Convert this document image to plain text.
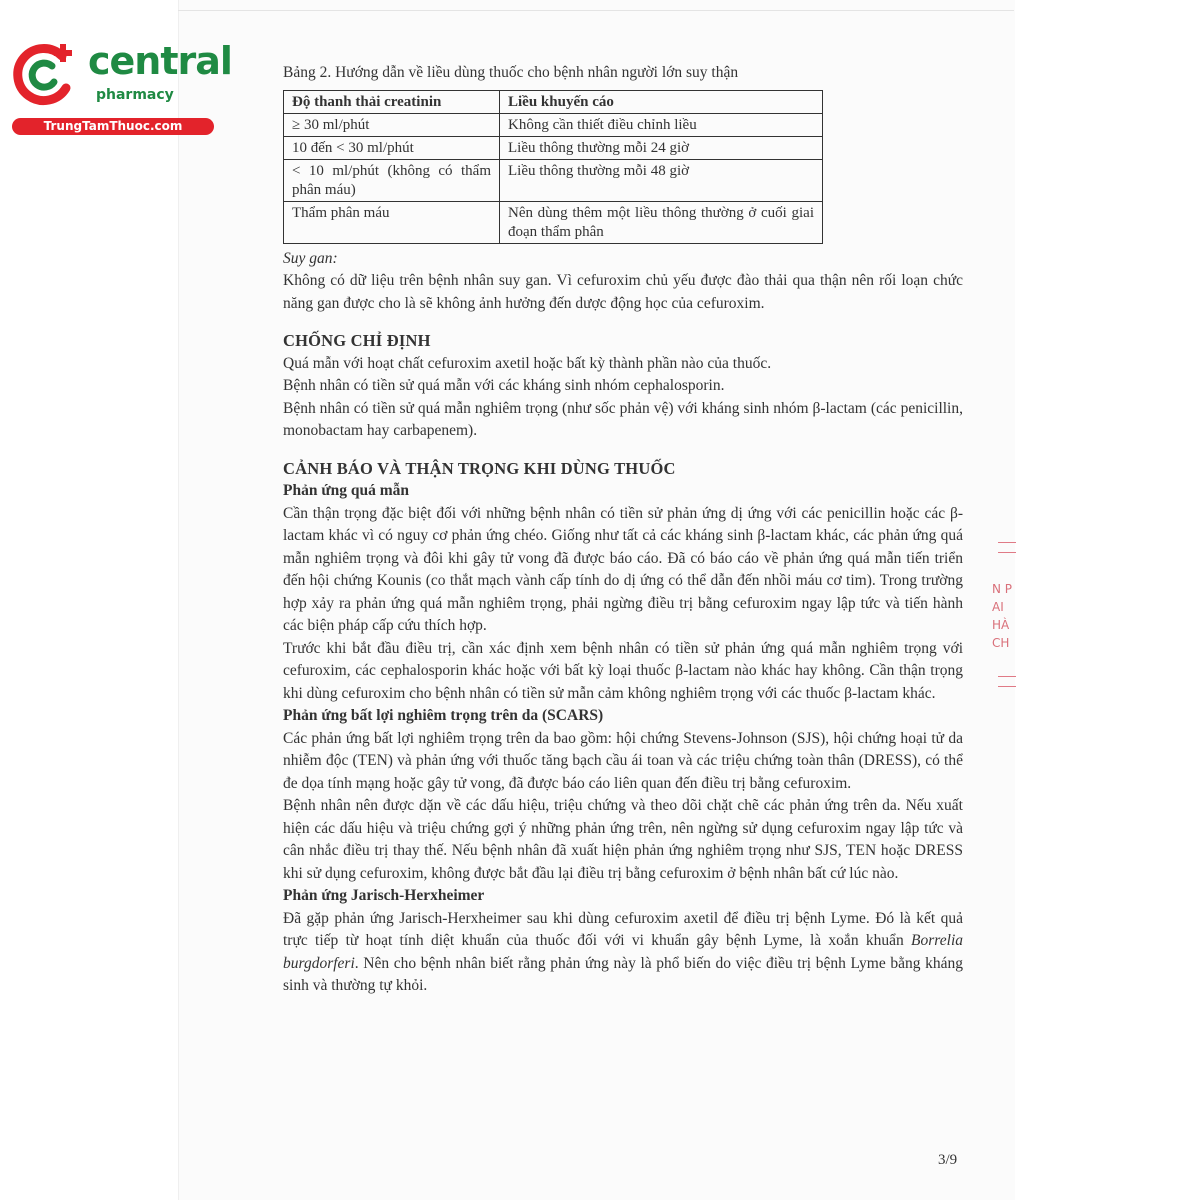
central
pharmacy
TrungTamThuoc.com
Bảng 2. Hướng dẫn về liều dùng thuốc cho bệnh nhân người lớn suy thận
Độ thanh thải creatinin	Liều khuyến cáo
≥ 30 ml/phút	Không cần thiết điều chỉnh liều
10 đến < 30 ml/phút	Liều thông thường mỗi 24 giờ
< 10 ml/phút (không có thẩm phân máu)	Liều thông thường mỗi 48 giờ
Thẩm phân máu	Nên dùng thêm một liều thông thường ở cuối giai đoạn thẩm phân

Suy gan:

Không có dữ liệu trên bệnh nhân suy gan. Vì cefuroxim chủ yếu được đào thải qua thận nên rối loạn chức năng gan được cho là sẽ không ảnh hưởng đến dược động học của cefuroxim.

CHỐNG CHỈ ĐỊNH

Quá mẫn với hoạt chất cefuroxim axetil hoặc bất kỳ thành phần nào của thuốc.

Bệnh nhân có tiền sử quá mẫn với các kháng sinh nhóm cephalosporin.

Bệnh nhân có tiền sử quá mẫn nghiêm trọng (như sốc phản vệ) với kháng sinh nhóm β-lactam (các penicillin, monobactam hay carbapenem).

CẢNH BÁO VÀ THẬN TRỌNG KHI DÙNG THUỐC

Phản ứng quá mẫn

Cần thận trọng đặc biệt đối với những bệnh nhân có tiền sử phản ứng dị ứng với các penicillin hoặc các β-lactam khác vì có nguy cơ phản ứng chéo. Giống như tất cả các kháng sinh β-lactam khác, các phản ứng quá mẫn nghiêm trọng và đôi khi gây tử vong đã được báo cáo. Đã có báo cáo về phản ứng quá mẫn tiến triển đến hội chứng Kounis (co thắt mạch vành cấp tính do dị ứng có thể dẫn đến nhồi máu cơ tim). Trong trường hợp xảy ra phản ứng quá mẫn nghiêm trọng, phải ngừng điều trị bằng cefuroxim ngay lập tức và tiến hành các biện pháp cấp cứu thích hợp.

Trước khi bắt đầu điều trị, cần xác định xem bệnh nhân có tiền sử phản ứng quá mẫn nghiêm trọng với cefuroxim, các cephalosporin khác hoặc với bất kỳ loại thuốc β-lactam nào khác hay không. Cần thận trọng khi dùng cefuroxim cho bệnh nhân có tiền sử mẫn cảm không nghiêm trọng với các thuốc β-lactam khác.

Phản ứng bất lợi nghiêm trọng trên da (SCARS)

Các phản ứng bất lợi nghiêm trọng trên da bao gồm: hội chứng Stevens-Johnson (SJS), hội chứng hoại tử da nhiễm độc (TEN) và phản ứng với thuốc tăng bạch cầu ái toan và các triệu chứng toàn thân (DRESS), có thể đe dọa tính mạng hoặc gây tử vong, đã được báo cáo liên quan đến điều trị bằng cefuroxim.

Bệnh nhân nên được dặn về các dấu hiệu, triệu chứng và theo dõi chặt chẽ các phản ứng trên da. Nếu xuất hiện các dấu hiệu và triệu chứng gợi ý những phản ứng trên, nên ngừng sử dụng cefuroxim ngay lập tức và cân nhắc điều trị thay thế. Nếu bệnh nhân đã xuất hiện phản ứng nghiêm trọng như SJS, TEN hoặc DRESS khi sử dụng cefuroxim, không được bắt đầu lại điều trị bằng cefuroxim ở bệnh nhân bất cứ lúc nào.

Phản ứng Jarisch-Herxheimer

Đã gặp phản ứng Jarisch-Herxheimer sau khi dùng cefuroxim axetil để điều trị bệnh Lyme. Đó là kết quả trực tiếp từ hoạt tính diệt khuẩn của thuốc đối với vi khuẩn gây bệnh Lyme, là xoắn khuẩn Borrelia burgdorferi. Nên cho bệnh nhân biết rằng phản ứng này là phổ biến do việc điều trị bệnh Lyme bằng kháng sinh và thường tự khỏi.

N P
AI
HÀ
CH
3/9
